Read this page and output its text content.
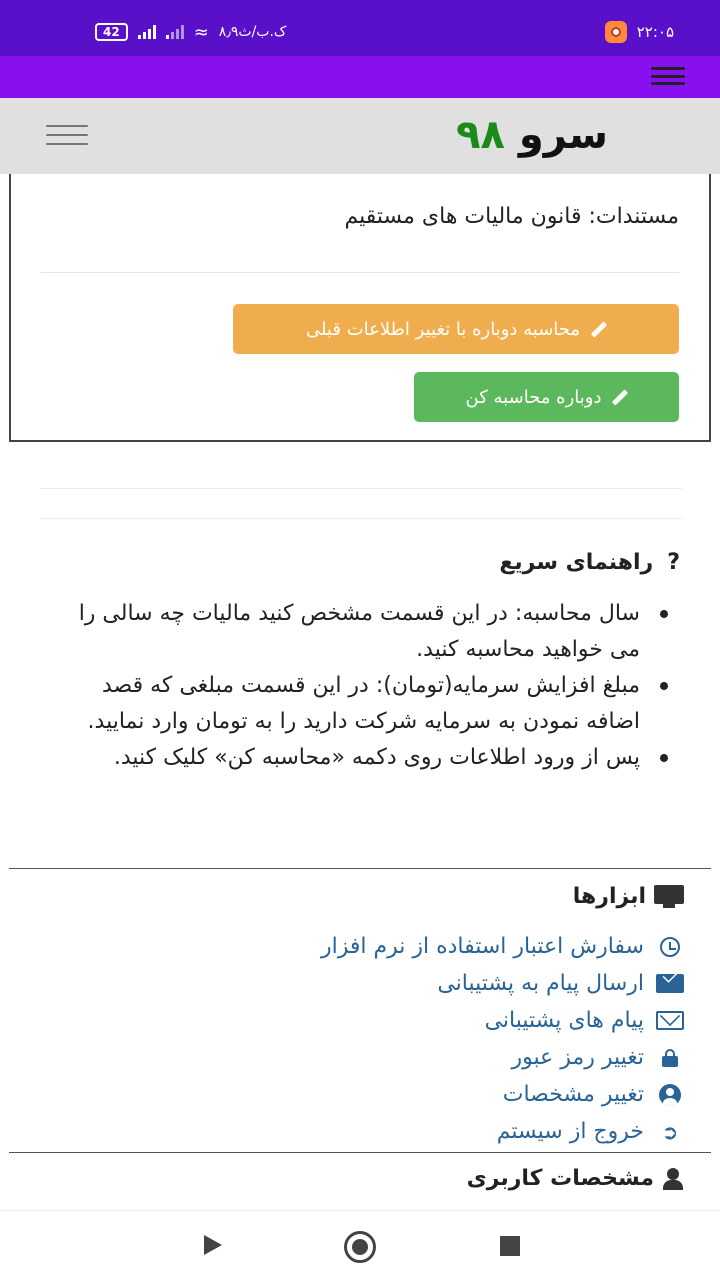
42	≈ ۸٫۹ک.ب/ث	۲۲:۰۵
سرو ۹۸
مستندات: قانون مالیات های مستقیم
محاسبه دوباره با تغییر اطلاعات قبلی
دوباره محاسبه کن
?
راهنمای سریع
سال محاسبه: در این قسمت مشخص کنید مالیات چه سالی را می خواهید محاسبه کنید.
مبلغ افزایش سرمایه(تومان): در این قسمت مبلغی که قصد اضافه نمودن به سرمایه شرکت دارید را به تومان وارد نمایید.
پس از ورود اطلاعات روی دکمه «محاسبه کن» کلیک کنید.
ابزارها
سفارش اعتبار استفاده از نرم افزار
ارسال پیام به پشتیبانی
پیام های پشتیبانی
تغییر رمز عبور
تغییر مشخصات
➲
خروج از سیستم
مشخصات کاربری
